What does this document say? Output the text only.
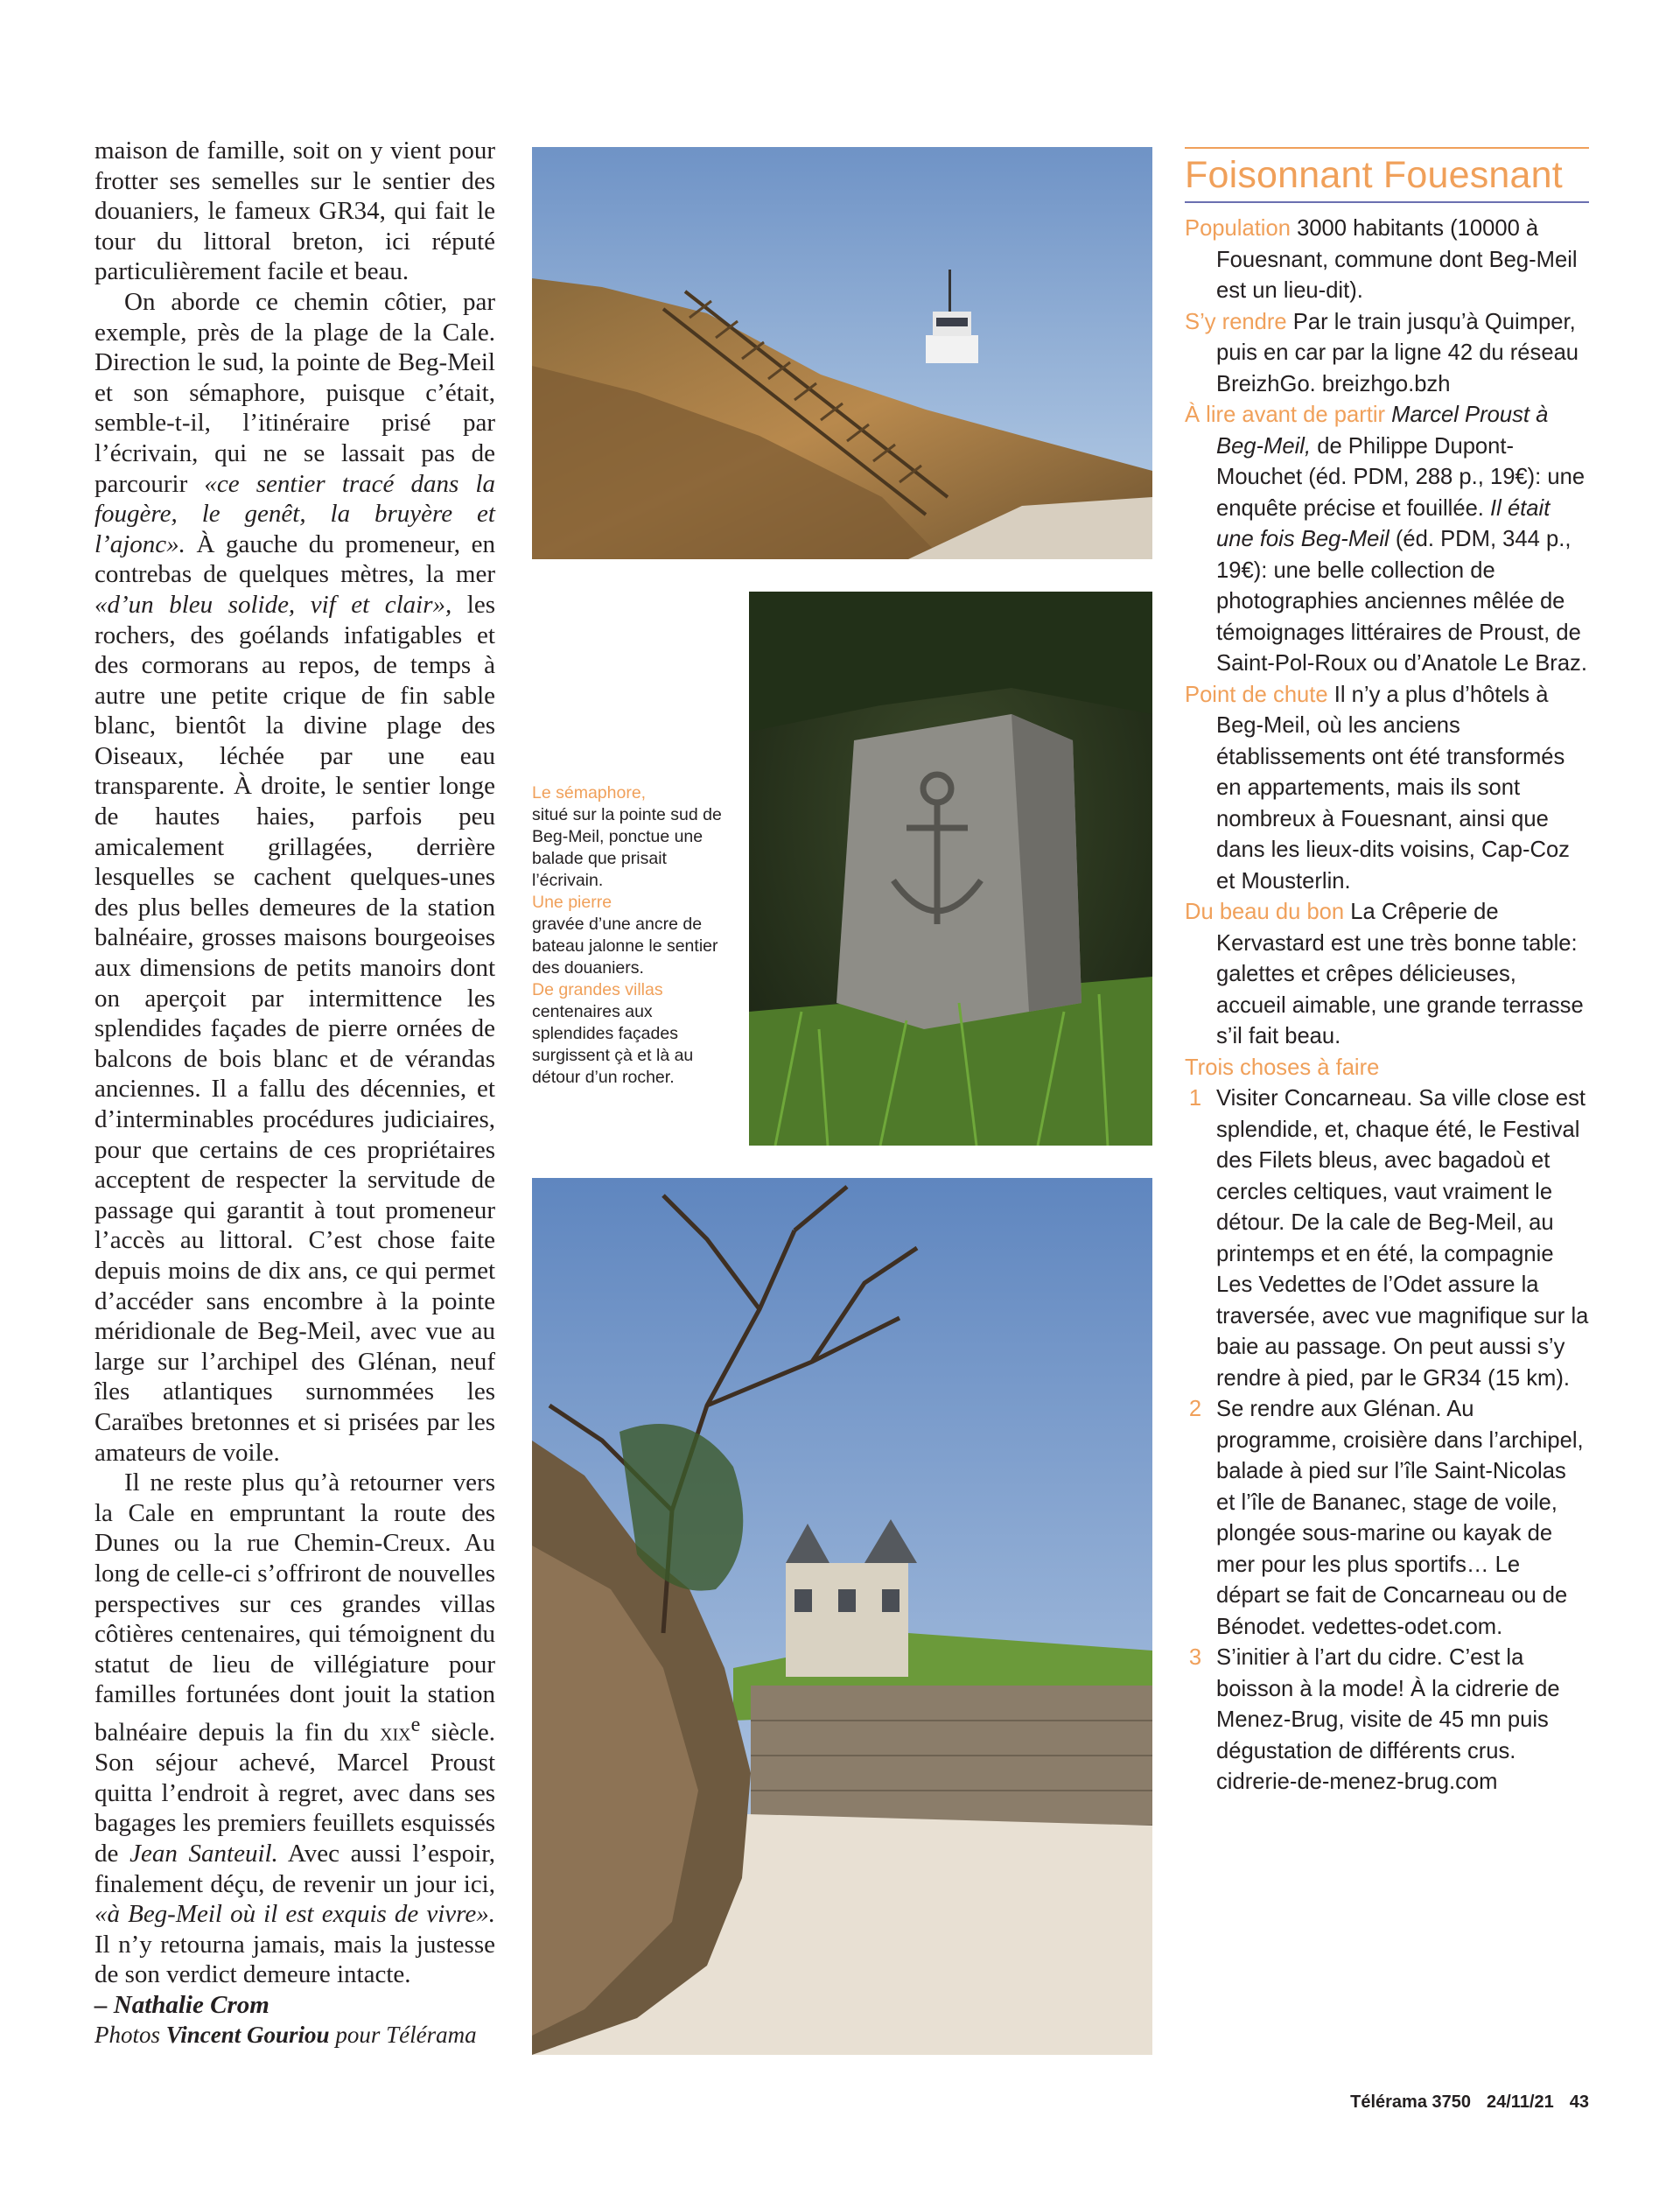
maison de famille, soit on y vient pour frotter ses semelles sur le sentier des douaniers, le fameux GR34, qui fait le tour du littoral breton, ici réputé particulièrement facile et beau.

On aborde ce chemin côtier, par exemple, près de la plage de la Cale. Direction le sud, la pointe de Beg-Meil et son sémaphore, puisque c’était, semble-t-il, l’itinéraire prisé par l’écrivain, qui ne se lassait pas de parcourir «ce sentier tracé dans la fougère, le genêt, la bruyère et l’ajonc». À gauche du promeneur, en contrebas de quelques mètres, la mer «d’un bleu solide, vif et clair», les rochers, des goélands infatigables et des cormorans au repos, de temps à autre une petite crique de fin sable blanc, bientôt la divine plage des Oiseaux, léchée par une eau transparente. À droite, le sentier longe de hautes haies, parfois peu amicalement grillagées, derrière lesquelles se cachent quelques-unes des plus belles demeures de la station balnéaire, grosses maisons bourgeoises aux dimensions de petits manoirs dont on aperçoit par intermittence les splendides façades de pierre ornées de balcons de bois blanc et de vérandas anciennes. Il a fallu des décennies, et d’interminables procédures judiciaires, pour que certains de ces propriétaires acceptent de respecter la servitude de passage qui garantit à tout promeneur l’accès au littoral. C’est chose faite depuis moins de dix ans, ce qui permet d’accéder sans encombre à la pointe méridionale de Beg-Meil, avec vue au large sur l’archipel des Glénan, neuf îles atlantiques surnommées les Caraïbes bretonnes et si prisées par les amateurs de voile.

Il ne reste plus qu’à retourner vers la Cale en empruntant la route des Dunes ou la rue Chemin-Creux. Au long de celle-ci s’offriront de nouvelles perspectives sur ces grandes villas côtières centenaires, qui témoignent du statut de lieu de villégiature pour familles fortunées dont jouit la station balnéaire depuis la fin du xix$^e$ siècle. Son séjour achevé, Marcel Proust quitta l’endroit à regret, avec dans ses bagages les premiers feuillets esquissés de Jean Santeuil. Avec aussi l’espoir, finalement déçu, de revenir un jour ici, «à Beg-Meil où il est exquis de vivre». Il n’y retourna jamais, mais la justesse de son verdict demeure intacte.

– Nathalie Crom

Photos Vincent Gouriou pour Télérama

Le sémaphore,
situé sur la pointe sud de Beg-Meil, ponctue une balade que prisait l’écrivain.
Une pierre
gravée d’une ancre de bateau jalonne le sentier des douaniers.
De grandes villas
centenaires aux splendides façades surgissent çà et là au détour d’un rocher.
Foisonnant Fouesnant

Population 3000 habitants (10000 à Fouesnant, commune dont Beg-Meil est un lieu-dit).

S’y rendre Par le train jusqu’à Quimper, puis en car par la ligne 42 du réseau BreizhGo. breizhgo.bzh

À lire avant de partir Marcel Proust à Beg-Meil, de Philippe Dupont-Mouchet (éd. PDM, 288 p., 19€): une enquête précise et fouillée. Il était une fois Beg-Meil (éd. PDM, 344 p., 19€): une belle collection de photographies anciennes mêlée de témoignages littéraires de Proust, de Saint-Pol-Roux ou d’Anatole Le Braz.

Point de chute Il n’y a plus d’hôtels à Beg-Meil, où les anciens établissements ont été transformés en appartements, mais ils sont nombreux à Fouesnant, ainsi que dans les lieux-dits voisins, Cap-Coz et Mousterlin.

Du beau du bon La Crêperie de Kervastard est une très bonne table: galettes et crêpes délicieuses, accueil aimable, une grande terrasse s’il fait beau.

Trois choses à faire

1 Visiter Concarneau. Sa ville close est splendide, et, chaque été, le Festival des Filets bleus, avec bagadoù et cercles celtiques, vaut vraiment le détour. De la cale de Beg-Meil, au printemps et en été, la compagnie Les Vedettes de l’Odet assure la traversée, avec vue magnifique sur la baie au passage. On peut aussi s’y rendre à pied, par le GR34 (15 km).
2 Se rendre aux Glénan. Au programme, croisière dans l’archipel, balade à pied sur l’île Saint-Nicolas et l’île de Bananec, stage de voile, plongée sous-marine ou kayak de mer pour les plus sportifs… Le départ se fait de Concarneau ou de Bénodet. vedettes-odet.com.
3 S’initier à l’art du cidre. C’est la boisson à la mode! À la cidrerie de Menez-Brug, visite de 45 mn puis dégustation de différents crus. cidrerie-de-menez-brug.com
Télérama 3750 24/11/21 43
